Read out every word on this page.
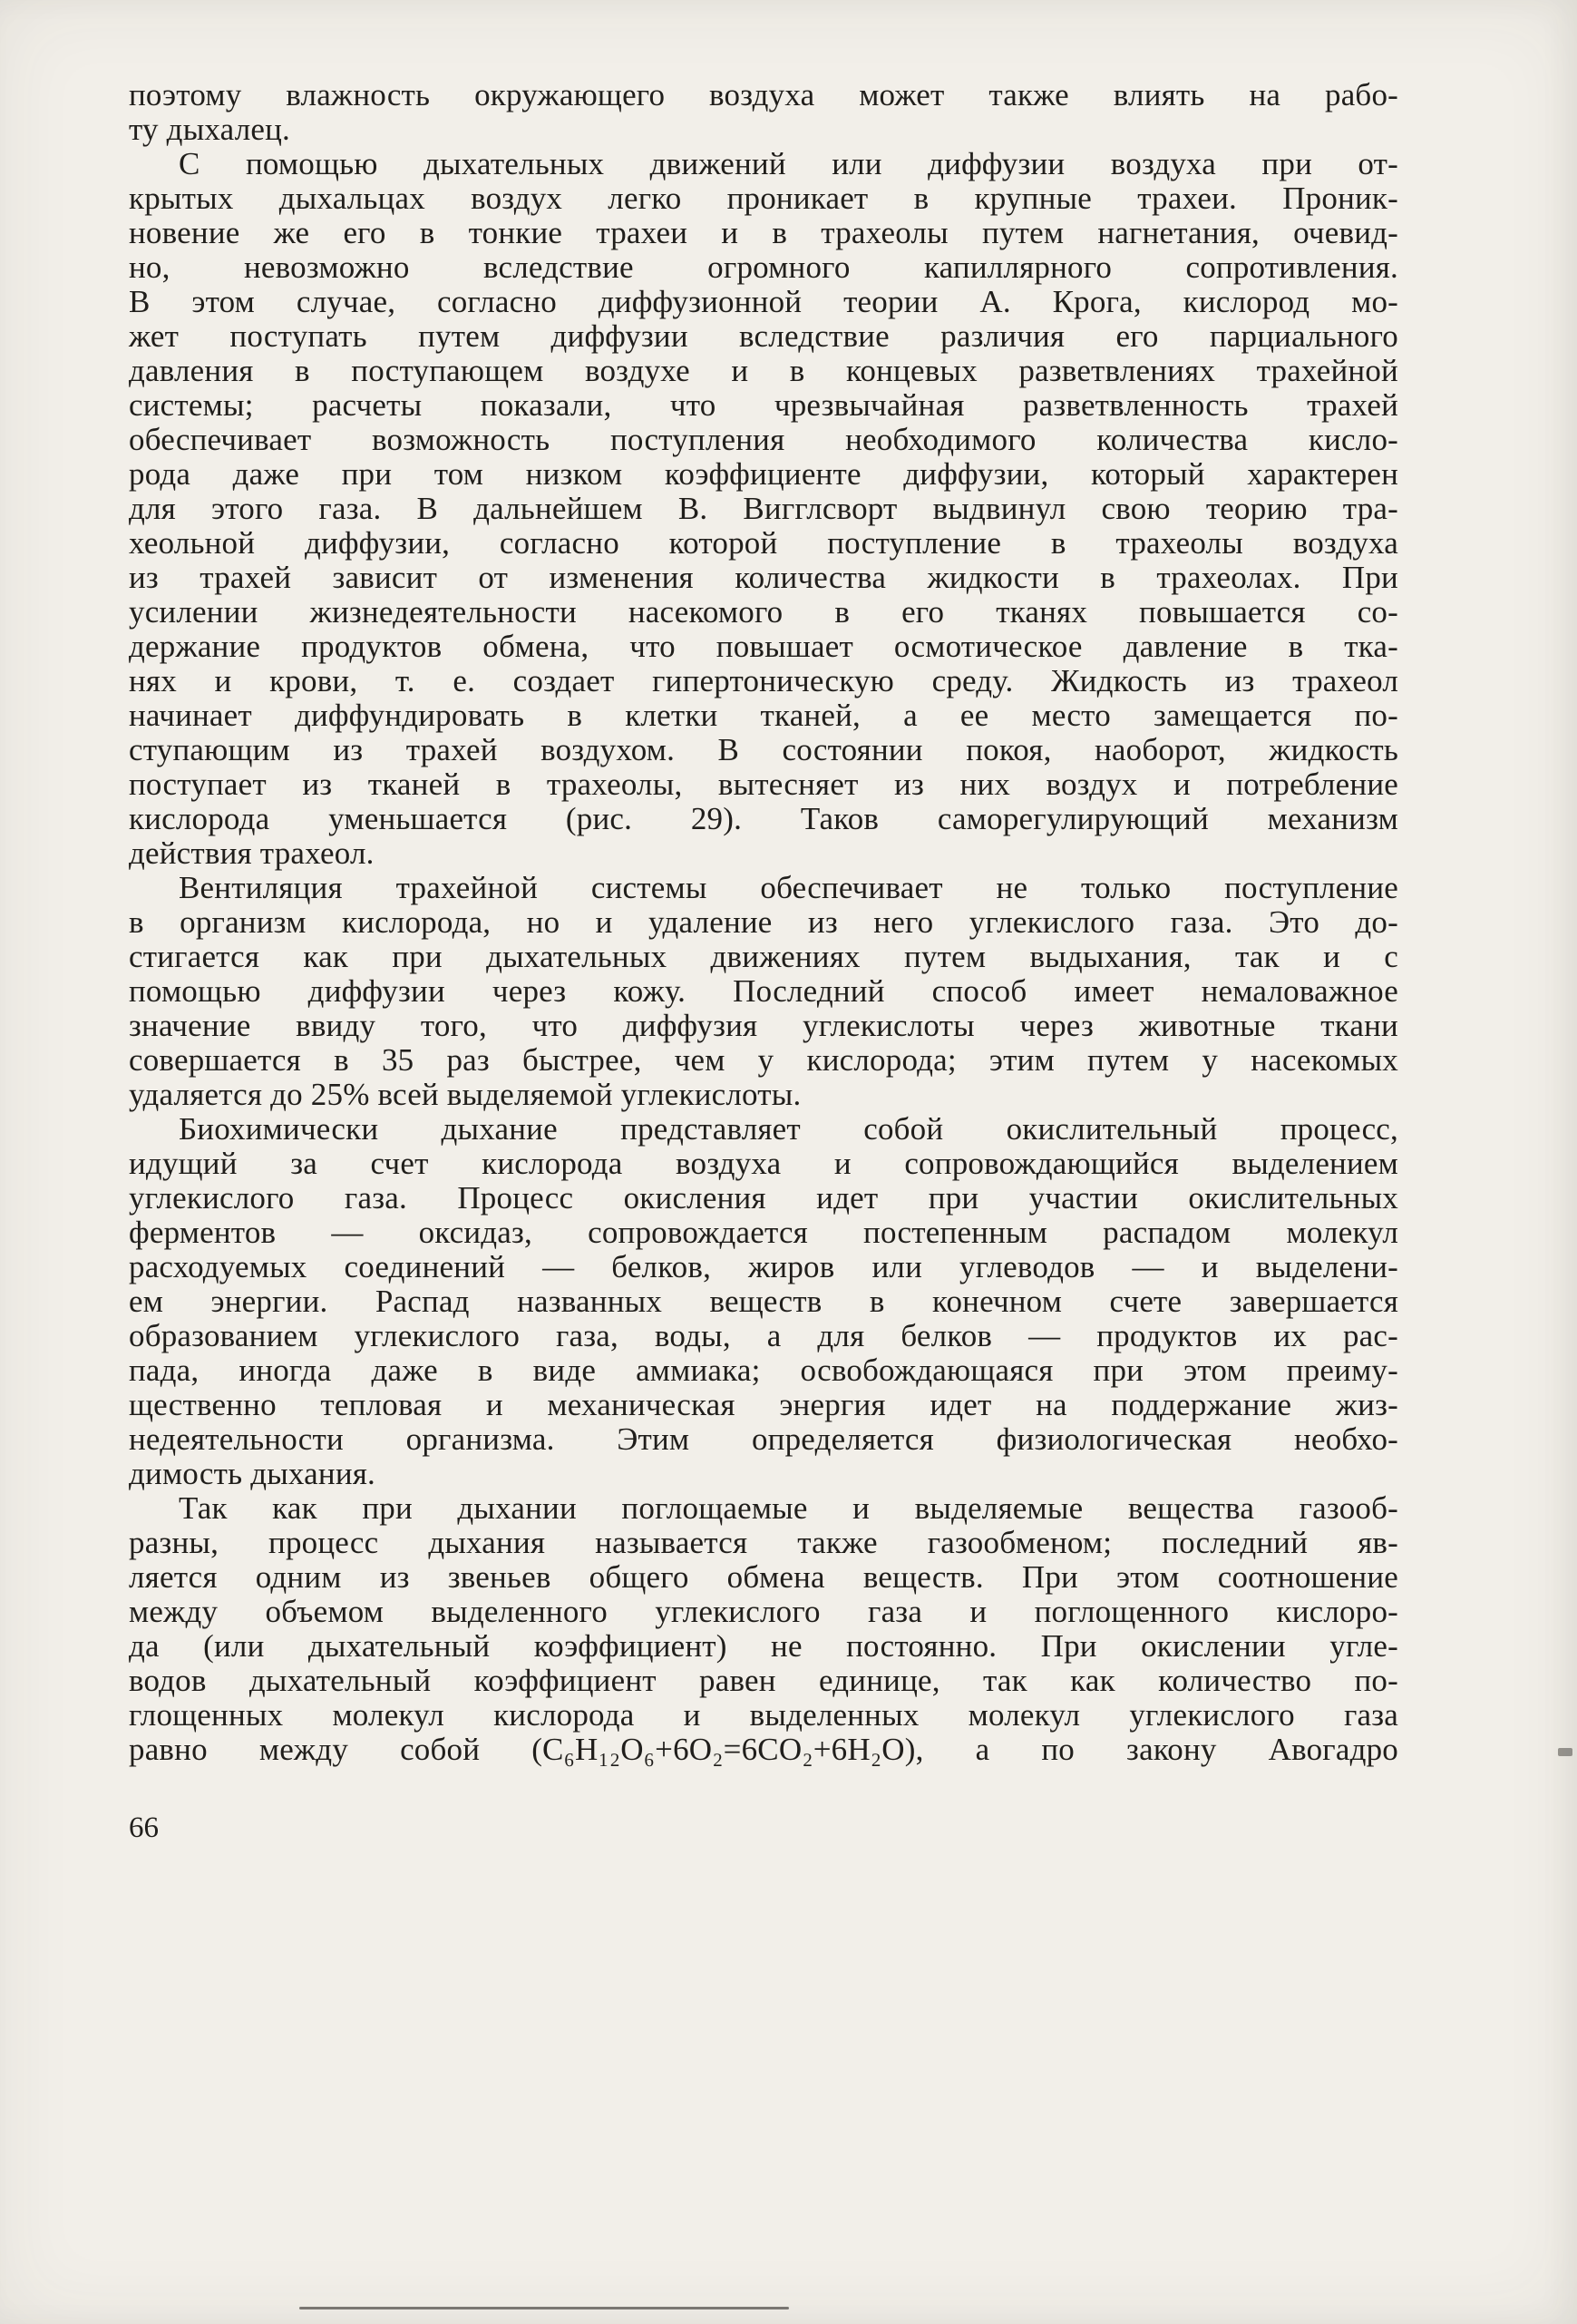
поэтому влажность окружающего воздуха может также влиять на рабо-
ту дыхалец.

С помощью дыхательных движений или диффузии воздуха при от-
крытых дыхальцах воздух легко проникает в крупные трахеи. Проник-
новение же его в тонкие трахеи и в трахеолы путем нагнетания, очевид-
но, невозможно вследствие огромного капиллярного сопротивления.
В этом случае, согласно диффузионной теории А. Крога, кислород мо-
жет поступать путем диффузии вследствие различия его парциального
давления в поступающем воздухе и в концевых разветвлениях трахейной
системы; расчеты показали, что чрезвычайная разветвленность трахей
обеспечивает возможность поступления необходимого количества кисло-
рода даже при том низком коэффициенте диффузии, который характерен
для этого газа. В дальнейшем В. Вигглсворт выдвинул свою теорию тра-
хеольной диффузии, согласно которой поступление в трахеолы воздуха
из трахей зависит от изменения количества жидкости в трахеолах. При
усилении жизнедеятельности насекомого в его тканях повышается со-
держание продуктов обмена, что повышает осмотическое давление в тка-
нях и крови, т. е. создает гипертоническую среду. Жидкость из трахеол
начинает диффундировать в клетки тканей, а ее место замещается по-
ступающим из трахей воздухом. В состоянии покоя, наоборот, жидкость
поступает из тканей в трахеолы, вытесняет из них воздух и потребление
кислорода уменьшается (рис. 29). Таков саморегулирующий механизм
действия трахеол.

Вентиляция трахейной системы обеспечивает не только поступление
в организм кислорода, но и удаление из него углекислого газа. Это до-
стигается как при дыхательных движениях путем выдыхания, так и с
помощью диффузии через кожу. Последний способ имеет немаловажное
значение ввиду того, что диффузия углекислоты через животные ткани
совершается в 35 раз быстрее, чем у кислорода; этим путем у насекомых
удаляется до 25% всей выделяемой углекислоты.

Биохимически дыхание представляет собой окислительный процесс,
идущий за счет кислорода воздуха и сопровождающийся выделением
углекислого газа. Процесс окисления идет при участии окислительных
ферментов — оксидаз, сопровождается постепенным распадом молекул
расходуемых соединений — белков, жиров или углеводов — и выделени-
ем энергии. Распад названных веществ в конечном счете завершается
образованием углекислого газа, воды, а для белков — продуктов их рас-
пада, иногда даже в виде аммиака; освобождающаяся при этом преиму-
щественно тепловая и механическая энергия идет на поддержание жиз-
недеятельности организма. Этим определяется физиологическая необхо-
димость дыхания.

Так как при дыхании поглощаемые и выделяемые вещества газооб-
разны, процесс дыхания называется также газообменом; последний яв-
ляется одним из звеньев общего обмена веществ. При этом соотношение
между объемом выделенного углекислого газа и поглощенного кислоро-
да (или дыхательный коэффициент) не постоянно. При окислении угле-
водов дыхательный коэффициент равен единице, так как количество по-
глощенных молекул кислорода и выделенных молекул углекислого газа
равно между собой (C₆H₁₂O₆+6O₂=6CO₂+6H₂O), а по закону Авогадро

66
